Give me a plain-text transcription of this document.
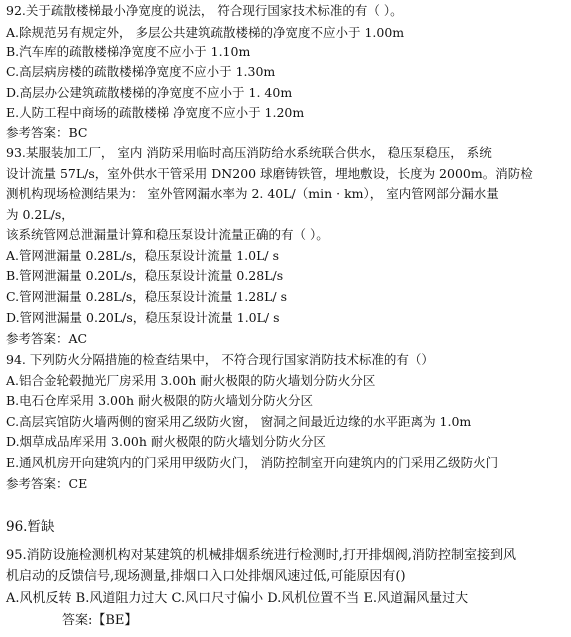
92.关于疏散楼梯最小净宽度的说法， 符合现行国家技术标准的有（ ）。
A.除规范另有规定外， 多层公共建筑疏散楼梯的净宽度不应小于 1.00m
B.汽车库的疏散楼梯净宽度不应小于 1.10m
C.高层病房楼的疏散楼梯净宽度不应小于 1.30m
D.高层办公建筑疏散楼梯的净宽度不应小于 1. 40m
E.人防工程中商场的疏散楼梯 净宽度不应小于 1.20m
参考答案：BC
93.某服装加工厂， 室内 消防采用临时高压消防给水系统联合供水， 稳压泵稳压， 系统
设计流量 57L/s，室外供水干管采用 DN200 球磨铸铁管，埋地敷设，长度为 2000m。消防检
测机构现场检测结果为： 室外管网漏水率为 2. 40L/（min · km）， 室内管网部分漏水量
为 0.2L/s，
该系统管网总泄漏量计算和稳压泵设计流量正确的有（ ）。
A.管网泄漏量 0.28L/s，稳压泵设计流量 1.0L/ s
B.管网泄漏量 0.20L/s，稳压泵设计流量 0.28L/s
C.管网泄漏量 0.28L/s，稳压泵设计流量 1.28L/ s
D.管网泄漏量 0.20L/s，稳压泵设计流量 1.0L/ s
参考答案：AC
94. 下列防火分隔措施的检查结果中， 不符合现行国家消防技术标准的有（）
A.铝合金轮毂抛光厂房采用 3.00h 耐火极限的防火墙划分防火分区
B.电石仓库采用 3.00h 耐火极限的防火墙划分防火分区
C.高层宾馆防火墙两侧的窗采用乙级防火窗， 窗洞之间最近边缘的水平距离为 1.0m
D.烟草成品库采用 3.00h 耐火极限的防火墙划分防火分区
E.通风机房开向建筑内的门采用甲级防火门， 消防控制室开向建筑内的门采用乙级防火门
参考答案：CE
96.暂缺
95.消防设施检测机构对某建筑的机械排烟系统进行检测时,打开排烟阀,消防控制室接到风
机启动的反馈信号,现场测量,排烟口入口处排烟风速过低,可能原因有()
A.风机反转 B.风道阻力过大 C.风口尺寸偏小 D.风机位置不当 E.风道漏风量过大
答案:【BE】
